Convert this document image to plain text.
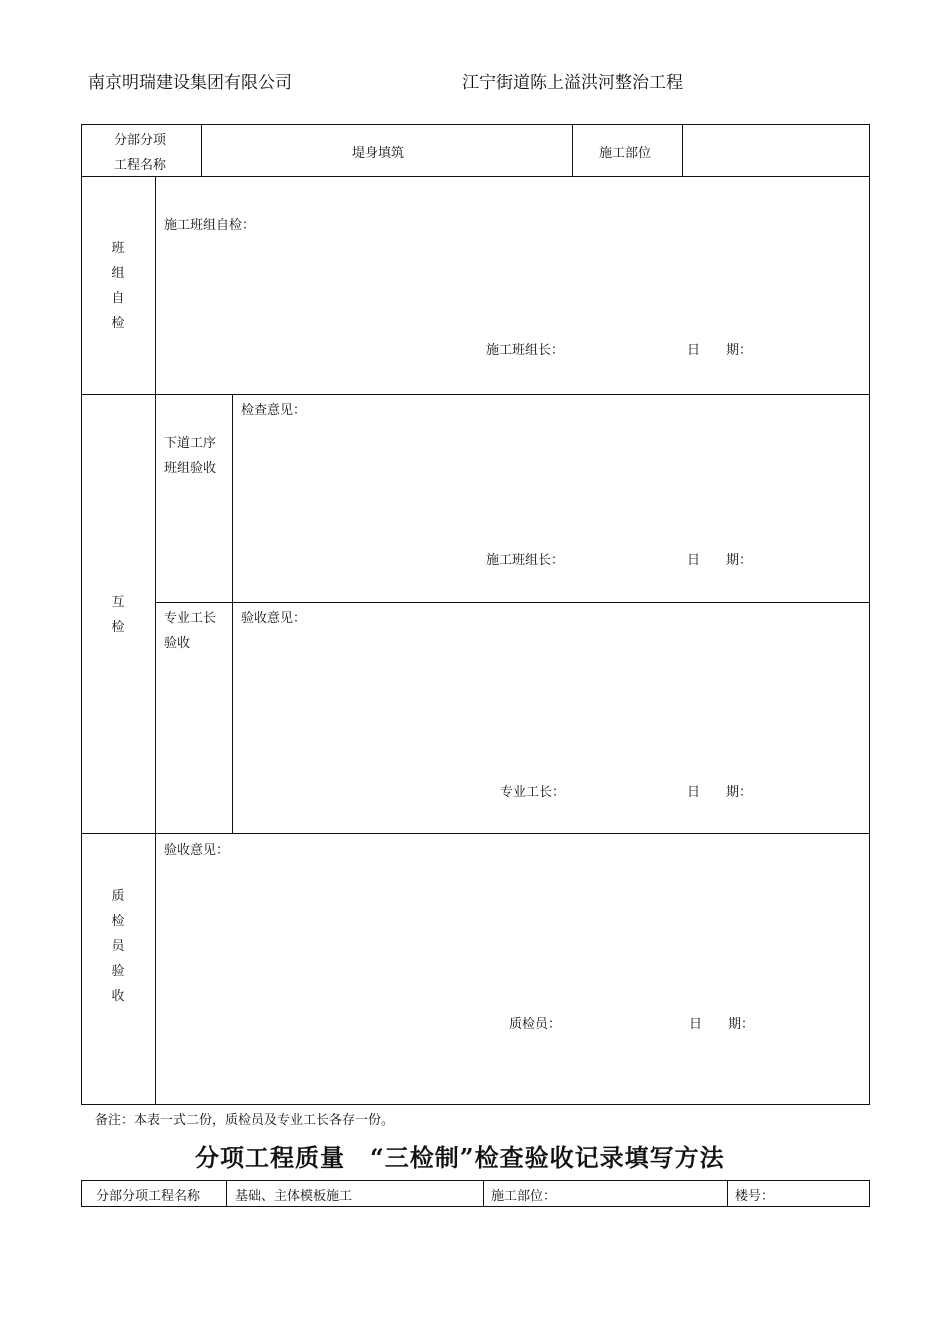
南京明瑞建设集团有限公司	江宁街道陈上溢洪河整治工程
分部分项
工程名称
堤身填筑	施工部位
班
组
自
检
施工班组自检：
施工班组长：	日　　期：
互
检
下道工序
班组验收
检查意见：
施工班组长：	日　　期：
专业工长
验收
验收意见：
专业工长：	日　　期：
质
检
员
验
收
验收意见：
质检员：	日　　期：
备注：本表一式二份，质检员及专业工长各存一份。
分项工程质量　“三检制”检查验收记录填写方法
分部分项工程名称	基础、主体模板施工	施工部位：	楼号：
